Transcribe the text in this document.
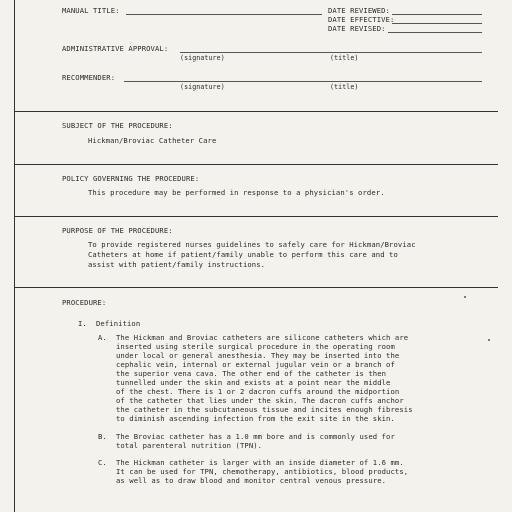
MANUAL TITLE:	DATE REVIEWED:
DATE EFFECTIVE:
DATE REVISED:
ADMINISTRATIVE APPROVAL:
(signature)	(title)
RECOMMENDER:
(signature)	(title)
SUBJECT OF THE PROCEDURE:
Hickman/Broviac Catheter Care
POLICY GOVERNING THE PROCEDURE:
This procedure may be performed in response to a physician's order.
PURPOSE OF THE PROCEDURE:
To provide registered nurses guidelines to safely care for Hickman/Broviac
Catheters at home if patient/family unable to perform this care and to
assist with patient/family instructions.
PROCEDURE:
I. Definition
A. The Hickman and Broviac catheters are silicone catheters which are
inserted using sterile surgical procedure in the operating room
under local or general anesthesia. They may be inserted into the
cephalic vein, internal or external jugular vein or a branch of
the superior vena cava. The other end of the catheter is then
tunnelled under the skin and exists at a point near the middle
of the chest. There is 1 or 2 dacron cuffs around the midportion
of the catheter that lies under the skin. The dacron cuffs anchor
the catheter in the subcutaneous tissue and incites enough fibresis
to diminish ascending infection from the exit site in the skin.
B. The Broviac catheter has a 1.0 mm bore and is commonly used for
total parenteral nutrition (TPN).
C. The Hickman catheter is larger with an inside diameter of 1.6 mm.
It can be used for TPN, chemotherapy, antibiotics, blood products,
as well as to draw blood and monitor central venous pressure.
